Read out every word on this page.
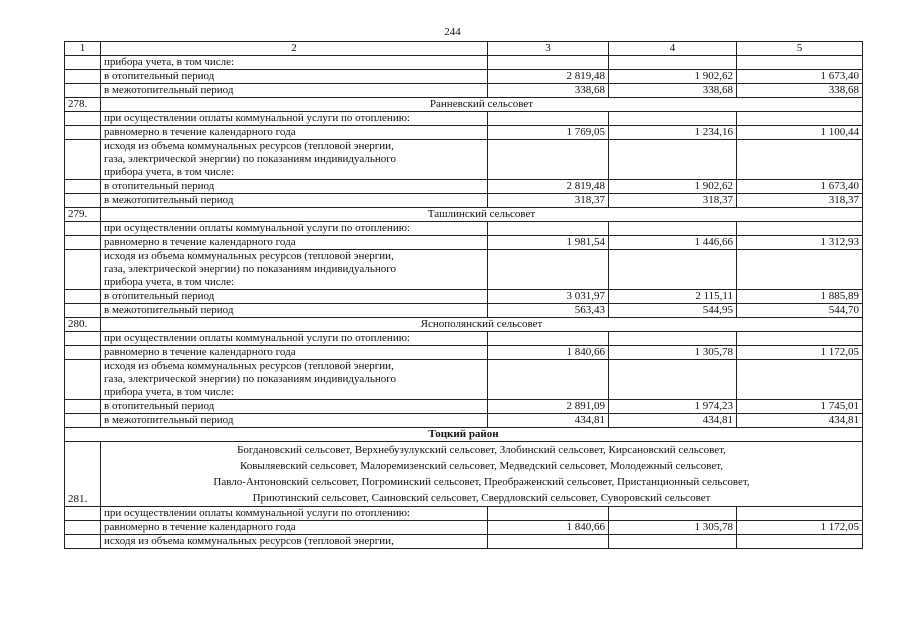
244
1	2	3	4	5
	прибора учета, в том числе:			
	в отопительный период	2 819,48	1 902,62	1 673,40
	в межотопительный период	338,68	338,68	338,68
278.	Ранневский сельсовет			
	при осуществлении оплаты коммунальной услуги по отоплению:			
	равномерно в течение календарного года	1 769,05	1 234,16	1 100,44

	исходя из объема коммунальных ресурсов (тепловой энергии,
газа, электрической энергии) по показаниям индивидуального
прибора учета, в том числе:			

	в отопительный период	2 819,48	1 902,62	1 673,40
	в межотопительный период	318,37	318,37	318,37
279.	Ташлинский сельсовет			
	при осуществлении оплаты коммунальной услуги по отоплению:			
	равномерно в течение календарного года	1 981,54	1 446,66	1 312,93

	исходя из объема коммунальных ресурсов (тепловой энергии,
газа, электрической энергии) по показаниям индивидуального
прибора учета, в том числе:			

	в отопительный период	3 031,97	2 115,11	1 885,89
	в межотопительный период	563,43	544,95	544,70
280.	Яснополянский сельсовет			
	при осуществлении оплаты коммунальной услуги по отоплению:			
	равномерно в течение календарного года	1 840,66	1 305,78	1 172,05

	исходя из объема коммунальных ресурсов (тепловой энергии,
газа, электрической энергии) по показаниям индивидуального
прибора учета, в том числе:			

	в отопительный период	2 891,09	1 974,23	1 745,01
	в межотопительный период	434,81	434,81	434,81
Тоцкий район				
281.	Богдановский сельсовет, Верхнебузулукский сельсовет, Злобинский сельсовет, Кирсановский сельсовет,
Ковыляевский сельсовет, Малоремизенский сельсовет, Медведский сельсовет, Молодежный сельсовет,
Павло-Антоновский сельсовет, Погроминский сельсовет, Преображенский сельсовет, Пристанционный сельсовет,
Приютинский сельсовет, Саиновский сельсовет, Свердловский сельсовет, Суворовский сельсовет			

	при осуществлении оплаты коммунальной услуги по отоплению:			
	равномерно в течение календарного года	1 840,66	1 305,78	1 172,05
	исходя из объема коммунальных ресурсов (тепловой энергии,			
